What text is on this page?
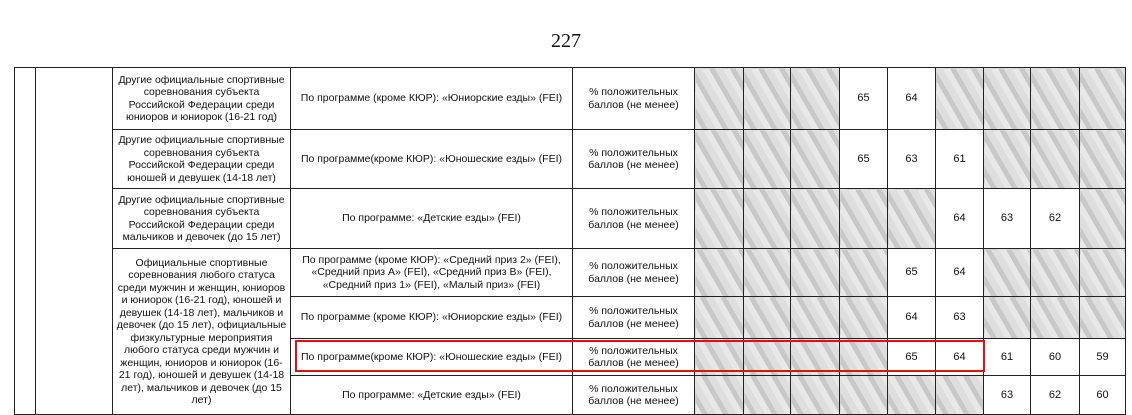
227
		Другие официальные спортивные соревнования субъекта Российской Федерации среди юниоров и юниорок (16-21 год)	По программе (кроме КЮР): «Юниорские езды» (FEI)	% положительных баллов (не менее)				65	64				
		Другие официальные спортивные соревнования субъекта Российской Федерации среди юношей и девушек (14-18 лет)	По программе(кроме КЮР): «Юношеские езды» (FEI)	% положительных баллов (не менее)				65	63	61			
		Другие официальные спортивные соревнования субъекта Российской Федерации среди мальчиков и девочек (до 15 лет)	По программе: «Детские езды» (FEI)	% положительных баллов (не менее)						64	63	62	
		Официальные спортивные соревнования любого статуса среди мужчин и женщин, юниоров и юниорок (16-21 год), юношей и девушек (14-18 лет), мальчиков и девочек (до 15 лет), официальные физкультурные мероприятия любого статуса среди мужчин и женщин, юниоров и юниорок (16-21 год), юношей и девушек (14-18 лет), мальчиков и девочек (до 15 лет)	По программе (кроме КЮР): «Средний приз 2» (FEI), «Средний приз А» (FEI), «Средний приз В» (FEI), «Средний приз 1» (FEI), «Малый приз» (FEI)	% положительных баллов (не менее)					65	64			
			По программе (кроме КЮР): «Юниорские езды» (FEI)	% положительных баллов (не менее)					64	63			
			По программе(кроме КЮР): «Юношеские езды» (FEI)	% положительных баллов (не менее)					65	64	61	60	59
			По программе: «Детские езды» (FEI)	% положительных баллов (не менее)							63	62	60
